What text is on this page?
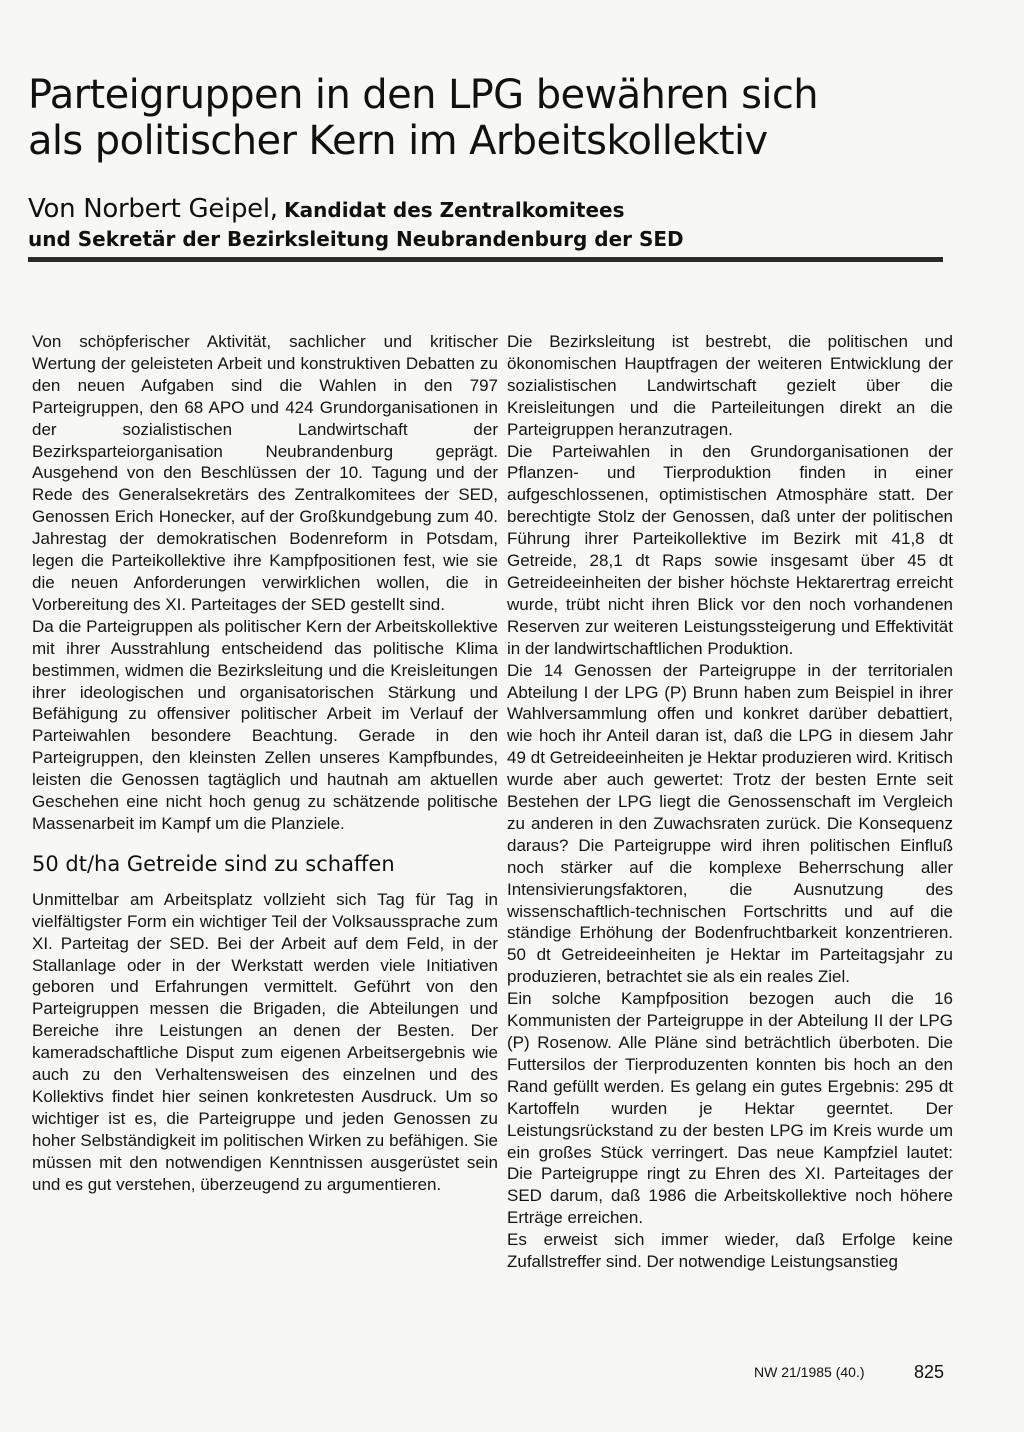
Parteigruppen in den LPG bewähren sich
als politischer Kern im Arbeitskollektiv
Von Norbert Geipel, Kandidat des Zentralkomitees
und Sekretär der Bezirksleitung Neubrandenburg der SED

Von schöpferischer Aktivität, sachlicher und kritischer Wertung der geleisteten Arbeit und konstruktiven Debatten zu den neuen Aufgaben sind die Wahlen in den 797 Parteigruppen, den 68 APO und 424 Grundorganisationen in der sozialistischen Landwirtschaft der Bezirksparteiorganisation Neubrandenburg geprägt. Ausgehend von den Beschlüssen der 10. Tagung und der Rede des Generalsekretärs des Zentralkomitees der SED, Genossen Erich Honecker, auf der Großkundgebung zum 40. Jahrestag der demokratischen Bodenreform in Potsdam, legen die Parteikollektive ihre Kampfpositionen fest, wie sie die neuen Anforderungen verwirklichen wollen, die in Vorbereitung des XI. Parteitages der SED gestellt sind.

Da die Parteigruppen als politischer Kern der Arbeitskollektive mit ihrer Ausstrahlung entscheidend das politische Klima bestimmen, widmen die Bezirksleitung und die Kreisleitungen ihrer ideologischen und organisatorischen Stärkung und Befähigung zu offensiver politischer Arbeit im Verlauf der Parteiwahlen besondere Beachtung. Gerade in den Parteigruppen, den kleinsten Zellen unseres Kampfbundes, leisten die Genossen tagtäglich und hautnah am aktuellen Geschehen eine nicht hoch genug zu schätzende politische Massenarbeit im Kampf um die Planziele.

50 dt/ha Getreide sind zu schaffen

Unmittelbar am Arbeitsplatz vollzieht sich Tag für Tag in vielfältigster Form ein wichtiger Teil der Volksaussprache zum XI. Parteitag der SED. Bei der Arbeit auf dem Feld, in der Stallanlage oder in der Werkstatt werden viele Initiativen geboren und Erfahrungen vermittelt. Geführt von den Parteigruppen messen die Brigaden, die Abteilungen und Bereiche ihre Leistungen an denen der Besten. Der kameradschaftliche Disput zum eigenen Arbeitsergebnis wie auch zu den Verhaltensweisen des einzelnen und des Kollektivs findet hier seinen konkretesten Ausdruck. Um so wichtiger ist es, die Parteigruppe und jeden Genossen zu hoher Selbständigkeit im politischen Wirken zu befähigen. Sie müssen mit den notwendigen Kenntnissen ausgerüstet sein und es gut verstehen, überzeugend zu argumentieren.

Die Bezirksleitung ist bestrebt, die politischen und ökonomischen Hauptfragen der weiteren Entwicklung der sozialistischen Landwirtschaft gezielt über die Kreisleitungen und die Parteileitungen direkt an die Parteigruppen heranzutragen.

Die Parteiwahlen in den Grundorganisationen der Pflanzen- und Tierproduktion finden in einer aufgeschlossenen, optimistischen Atmosphäre statt. Der berechtigte Stolz der Genossen, daß unter der politischen Führung ihrer Parteikollektive im Bezirk mit 41,8 dt Getreide, 28,1 dt Raps sowie insgesamt über 45 dt Getreideeinheiten der bisher höchste Hektarertrag erreicht wurde, trübt nicht ihren Blick vor den noch vorhandenen Reserven zur weiteren Leistungssteigerung und Effektivität in der landwirtschaftlichen Produktion.

Die 14 Genossen der Parteigruppe in der territorialen Abteilung I der LPG (P) Brunn haben zum Beispiel in ihrer Wahlversammlung offen und konkret darüber debattiert, wie hoch ihr Anteil daran ist, daß die LPG in diesem Jahr 49 dt Getreideeinheiten je Hektar produzieren wird. Kritisch wurde aber auch gewertet: Trotz der besten Ernte seit Bestehen der LPG liegt die Genossenschaft im Vergleich zu anderen in den Zuwachsraten zurück. Die Konsequenz daraus? Die Parteigruppe wird ihren politischen Einfluß noch stärker auf die komplexe Beherrschung aller Intensivierungsfaktoren, die Ausnutzung des wissenschaftlich-technischen Fortschritts und auf die ständige Erhöhung der Bodenfruchtbarkeit konzentrieren. 50 dt Getreideeinheiten je Hektar im Parteitagsjahr zu produzieren, betrachtet sie als ein reales Ziel.

Ein solche Kampfposition bezogen auch die 16 Kommunisten der Parteigruppe in der Abteilung II der LPG (P) Rosenow. Alle Pläne sind beträchtlich überboten. Die Futtersilos der Tierproduzenten konnten bis hoch an den Rand gefüllt werden. Es gelang ein gutes Ergebnis: 295 dt Kartoffeln wurden je Hektar geerntet. Der Leistungsrückstand zu der besten LPG im Kreis wurde um ein großes Stück verringert. Das neue Kampfziel lautet: Die Parteigruppe ringt zu Ehren des XI. Parteitages der SED darum, daß 1986 die Arbeitskollektive noch höhere Erträge erreichen.

Es erweist sich immer wieder, daß Erfolge keine Zufallstreffer sind. Der notwendige Leistungsanstieg

NW 21/1985 (40.)	825
